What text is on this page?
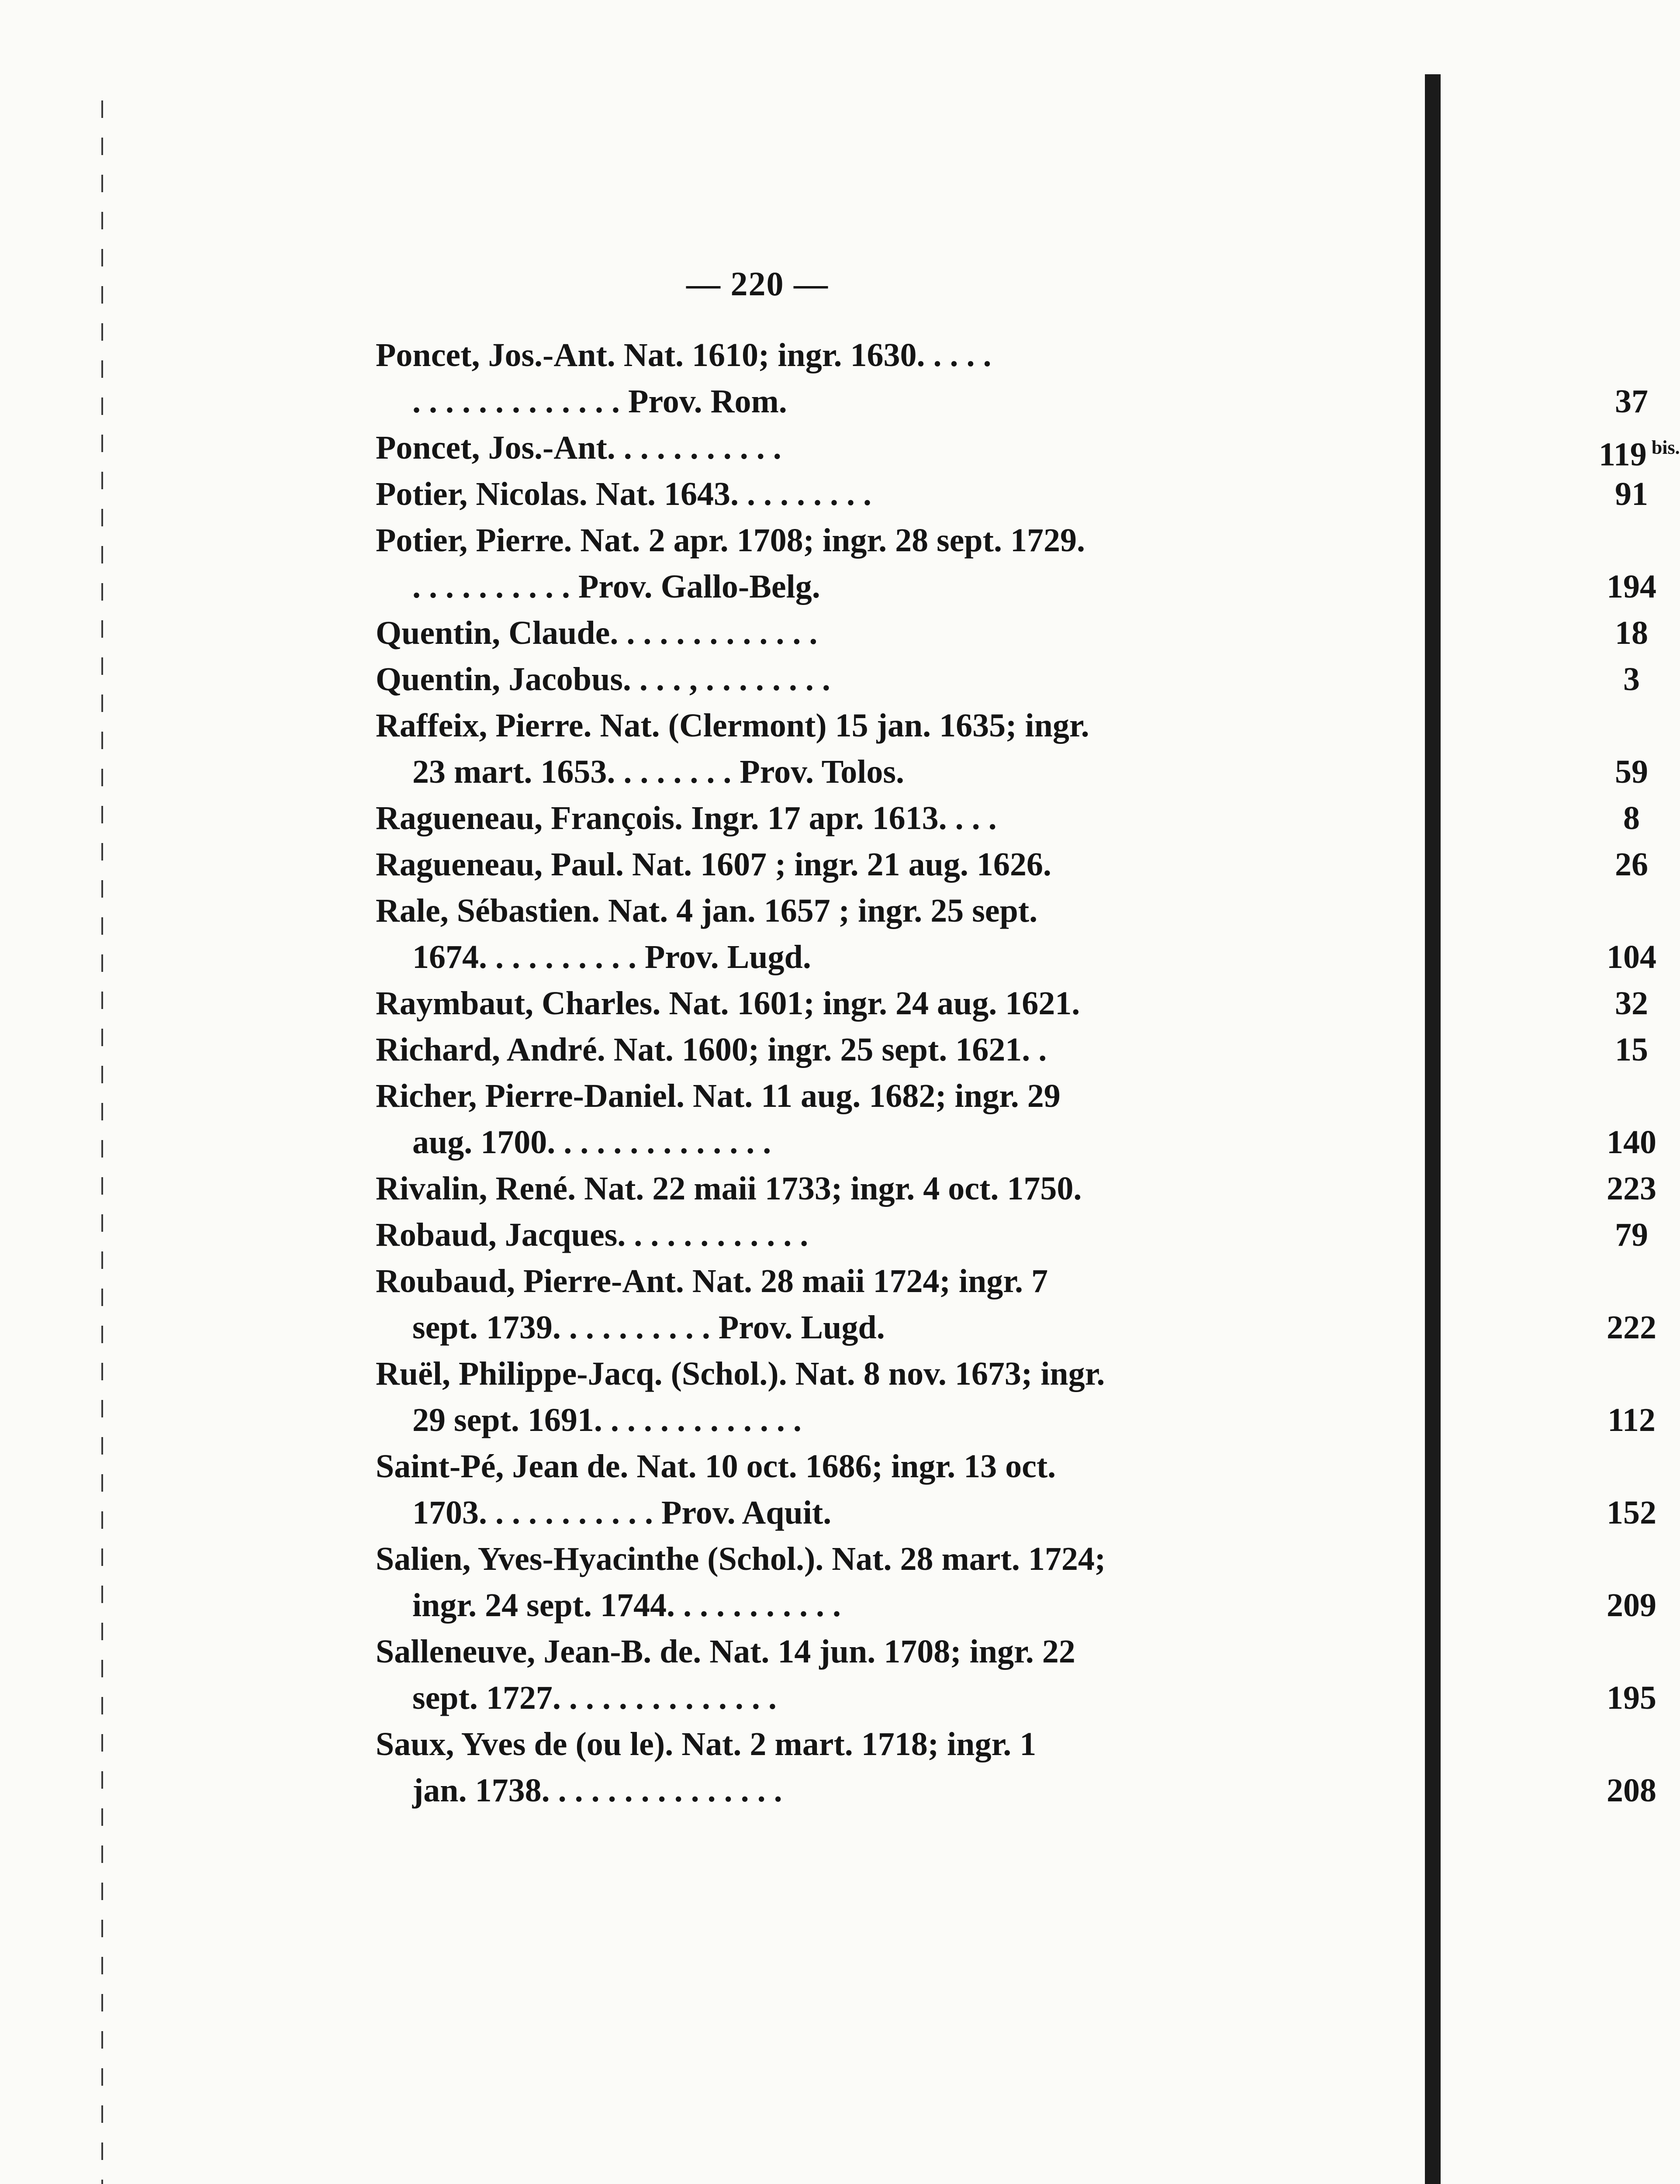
— 220 —
Poncet, Jos.-Ant. Nat. 1610; ingr. 1630. . . . .
. . . . . . . . . . . . . Prov. Rom.	37
Poncet, Jos.-Ant. . . . . . . . . . .	119 $^{bis.}$
Potier, Nicolas. Nat. 1643. . . . . . . . .	91
Potier, Pierre. Nat. 2 apr. 1708; ingr. 28 sept. 1729.
. . . . . . . . . . Prov. Gallo-Belg.	194
Quentin, Claude. . . . . . . . . . . . .	18
Quentin, Jacobus. . . . , . . . . . . . .	3
Raffeix, Pierre. Nat. (Clermont) 15 jan. 1635; ingr.
23 mart. 1653. . . . . . . . Prov. Tolos.	59
Ragueneau, François. Ingr. 17 apr. 1613. . . .	8
Ragueneau, Paul. Nat. 1607 ; ingr. 21 aug. 1626.	26
Rale, Sébastien. Nat. 4 jan. 1657 ; ingr. 25 sept.
1674. . . . . . . . . . Prov. Lugd.	104
Raymbaut, Charles. Nat. 1601; ingr. 24 aug. 1621.	32
Richard, André. Nat. 1600; ingr. 25 sept. 1621. .	15
Richer, Pierre-Daniel. Nat. 11 aug. 1682; ingr. 29
aug. 1700. . . . . . . . . . . . . .	140
Rivalin, René. Nat. 22 maii 1733; ingr. 4 oct. 1750.	223
Robaud, Jacques. . . . . . . . . . . .	79
Roubaud, Pierre-Ant. Nat. 28 maii 1724; ingr. 7
sept. 1739. . . . . . . . . . Prov. Lugd.	222
Ruël, Philippe-Jacq. (Schol.). Nat. 8 nov. 1673; ingr.
29 sept. 1691. . . . . . . . . . . . .	112
Saint-Pé, Jean de. Nat. 10 oct. 1686; ingr. 13 oct.
1703. . . . . . . . . . . Prov. Aquit.	152
Salien, Yves-Hyacinthe (Schol.). Nat. 28 mart. 1724;
ingr. 24 sept. 1744. . . . . . . . . . .	209
Salleneuve, Jean-B. de. Nat. 14 jun. 1708; ingr. 22
sept. 1727. . . . . . . . . . . . . .	195
Saux, Yves de (ou le). Nat. 2 mart. 1718; ingr. 1
jan. 1738. . . . . . . . . . . . . . .	208
